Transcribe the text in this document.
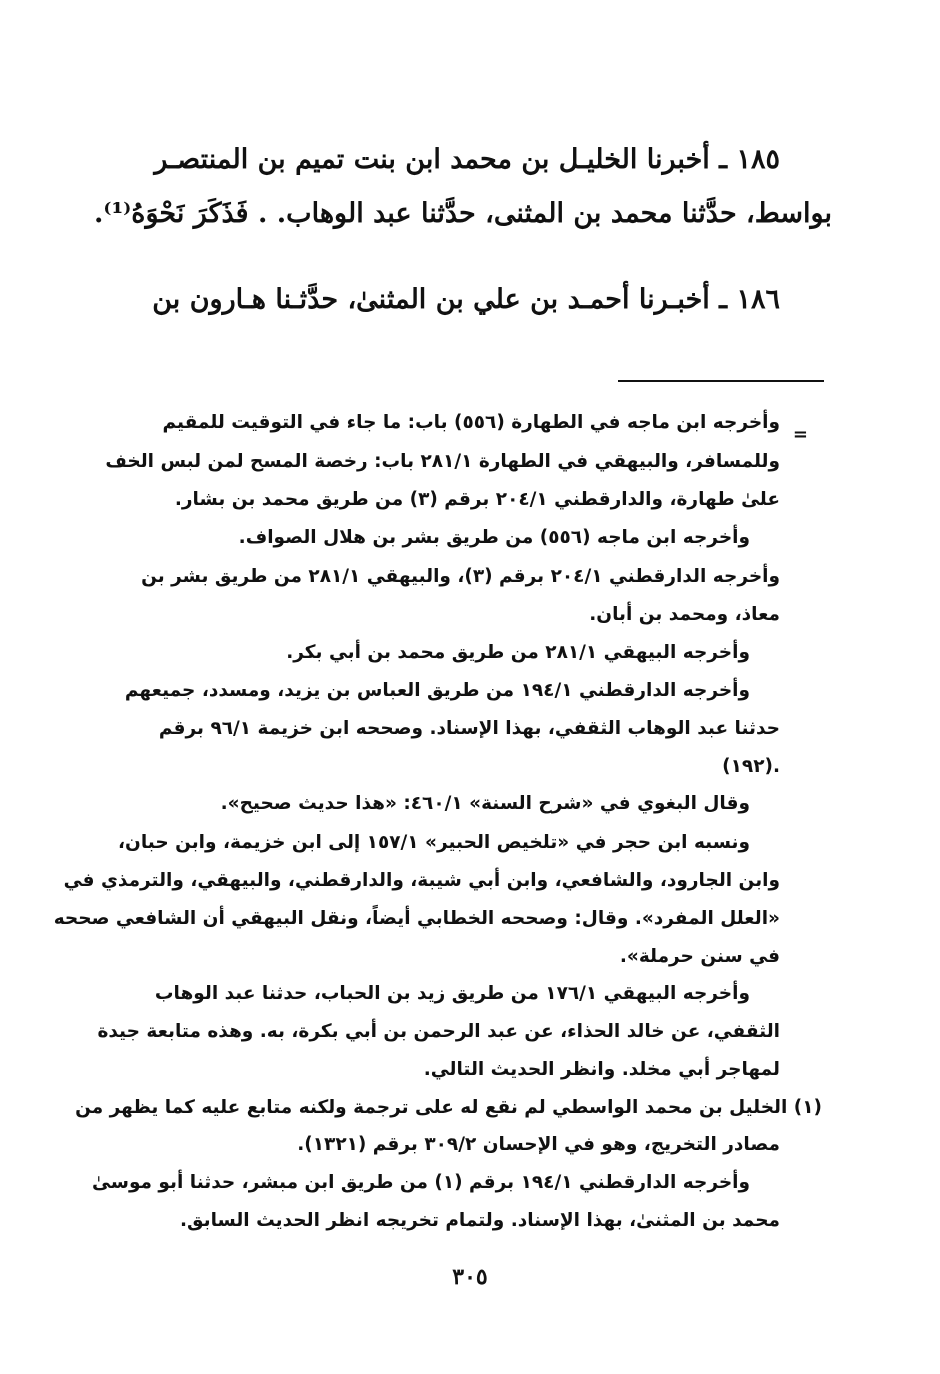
١٨٥ ـ أخبرنا الخليـل بن محمد ابن بنت تميم بن المنتصـر
بواسط، حدَّثنا محمد بن المثنى، حدَّثنا عبد الوهاب. . فَذَكَرَ نَحْوَهُ⁽¹⁾.
١٨٦ ـ أخبـرنا أحمـد بن علي بن المثنىٰ، حدَّثـنا هـارون بن
=
وأخرجه ابن ماجه في الطهارة (٥٥٦) باب: ما جاء في التوقيت للمقيم
وللمسافر، والبيهقي في الطهارة ٢٨١/١ باب: رخصة المسح لمن لبس الخف
علىٰ طهارة، والدارقطني ٢٠٤/١ برقم (٣) من طريق محمد بن بشار.
وأخرجه ابن ماجه (٥٥٦) من طريق بشر بن هلال الصواف.
وأخرجه الدارقطني ٢٠٤/١ برقم (٣)، والبيهقي ٢٨١/١ من طريق بشر بن
معاذ، ومحمد بن أبان.
وأخرجه البيهقي ٢٨١/١ من طريق محمد بن أبي بكر.
وأخرجه الدارقطني ١٩٤/١ من طريق العباس بن يزيد، ومسدد، جميعهم
حدثنا عبد الوهاب الثقفي، بهذا الإسناد. وصححه ابن خزيمة ٩٦/١ برقم
(١٩٢).
وقال البغوي في «شرح السنة» ٤٦٠/١: «هذا حديث صحيح».
ونسبه ابن حجر في «تلخيص الحبير» ١٥٧/١ إلى ابن خزيمة، وابن حبان،
وابن الجارود، والشافعي، وابن أبي شيبة، والدارقطني، والبيهقي، والترمذي في
«العلل المفرد». وقال: وصححه الخطابي أيضاً، ونقل البيهقي أن الشافعي صححه
في سنن حرملة».
وأخرجه البيهقي ١٧٦/١ من طريق زيد بن الحباب، حدثنا عبد الوهاب
الثقفي، عن خالد الحذاء، عن عبد الرحمن بن أبي بكرة، به. وهذه متابعة جيدة
لمهاجر أبي مخلد. وانظر الحديث التالي.
(١) الخليل بن محمد الواسطي لم نقع له على ترجمة ولكنه متابع عليه كما يظهر من
مصادر التخريج، وهو في الإحسان ٣٠٩/٢ برقم (١٣٢١).
وأخرجه الدارقطني ١٩٤/١ برقم (١) من طريق ابن مبشر، حدثنا أبو موسىٰ
محمد بن المثنىٰ، بهذا الإسناد. ولتمام تخريجه انظر الحديث السابق.
٣٠٥
